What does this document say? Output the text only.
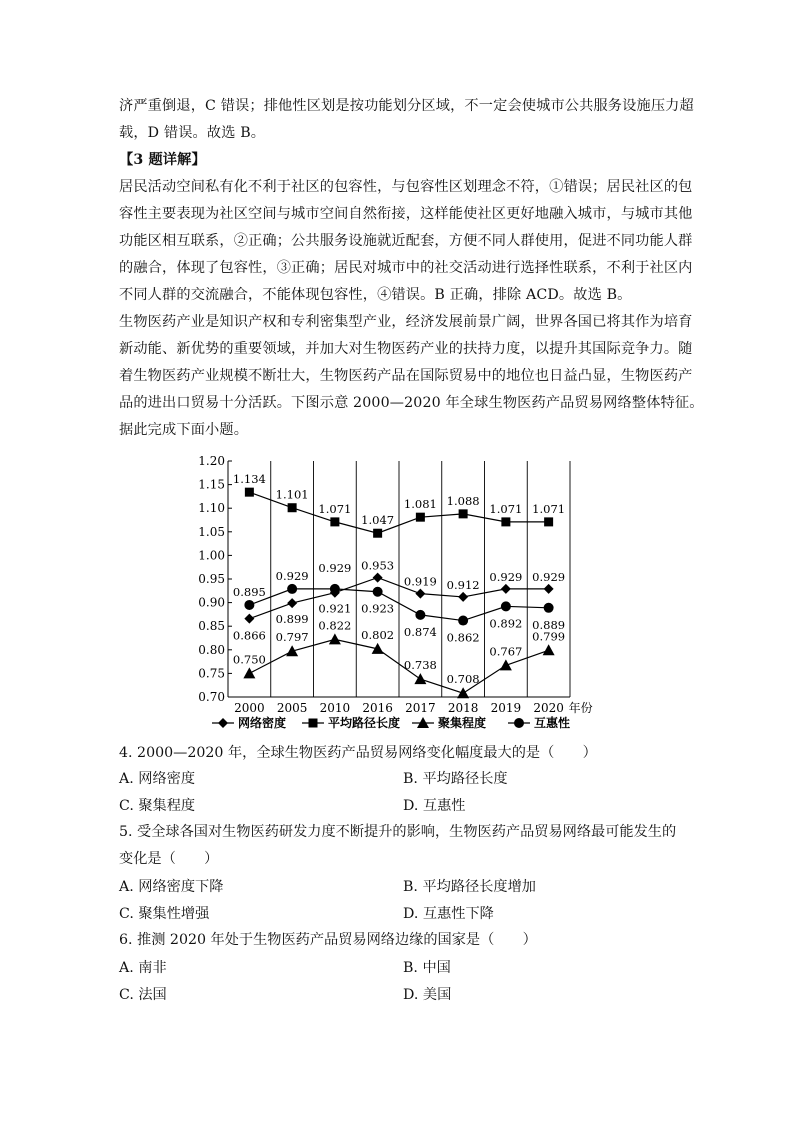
济严重倒退，C 错误；排他性区划是按功能划分区域，不一定会使城市公共服务设施压力超
载，D 错误。故选 B。
【3 题详解】
居民活动空间私有化不利于社区的包容性，与包容性区划理念不符，①错误；居民社区的包
容性主要表现为社区空间与城市空间自然衔接，这样能使社区更好地融入城市，与城市其他
功能区相互联系，②正确；公共服务设施就近配套，方便不同人群使用，促进不同功能人群
的融合，体现了包容性，③正确；居民对城市中的社交活动进行选择性联系，不利于社区内
不同人群的交流融合，不能体现包容性，④错误。B 正确，排除 ACD。故选 B。
生物医药产业是知识产权和专利密集型产业，经济发展前景广阔，世界各国已将其作为培育
新动能、新优势的重要领域，并加大对生物医药产业的扶持力度，以提升其国际竞争力。随
着生物医药产业规模不断壮大，生物医药产品在国际贸易中的地位也日益凸显，生物医药产
品的进出口贸易十分活跃。下图示意 2000—2020 年全球生物医药产品贸易网络整体特征。
据此完成下面小题。
0.70
0.75
0.80
0.85
0.90
0.95
1.00
1.05
1.10
1.15
1.20
2000 2005 2010 2016 2017 2018 2019 2020 年份
0.866
0.899
0.921
0.953
0.919 0.912
0.929 0.929
1.134
1.101
1.071
1.047
1.081 1.088
1.071 1.071
0.750
0.797
0.822
0.802
0.738
0.708
0.767
0.799
0.895
0.929
0.929
0.923
0.874 0.862
0.892 0.889
网络密度	平均路径长度	聚集程度	互惠性
4. 2000—2020 年，全球生物医药产品贸易网络变化幅度最大的是（　　）
A. 网络密度	B. 平均路径长度
C. 聚集程度	D. 互惠性
5. 受全球各国对生物医药研发力度不断提升的影响，生物医药产品贸易网络最可能发生的
变化是（　　）
A. 网络密度下降	B. 平均路径长度增加
C. 聚集性增强	D. 互惠性下降
6. 推测 2020 年处于生物医药产品贸易网络边缘的国家是（　　）
A. 南非	B. 中国
C. 法国	D. 美国
